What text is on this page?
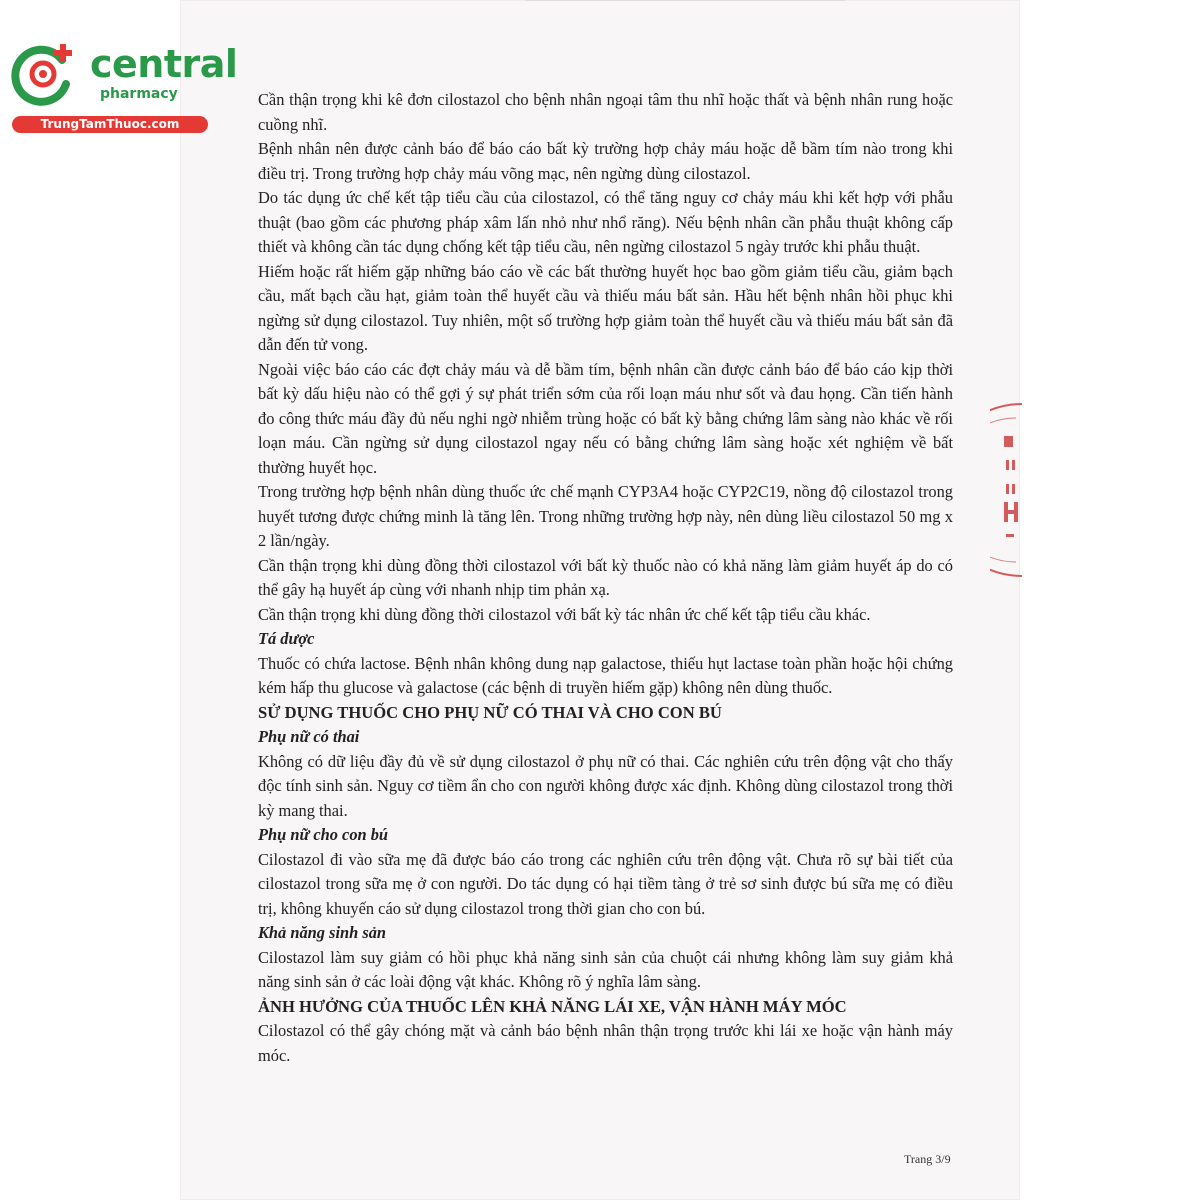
central
pharmacy
TrungTamThuoc.com

Cần thận trọng khi kê đơn cilostazol cho bệnh nhân ngoại tâm thu nhĩ hoặc thất và bệnh nhân rung hoặc cuồng nhĩ.

Bệnh nhân nên được cảnh báo để báo cáo bất kỳ trường hợp chảy máu hoặc dễ bầm tím nào trong khi điều trị. Trong trường hợp chảy máu võng mạc, nên ngừng dùng cilostazol.

Do tác dụng ức chế kết tập tiểu cầu của cilostazol, có thể tăng nguy cơ chảy máu khi kết hợp với phẫu thuật (bao gồm các phương pháp xâm lấn nhỏ như nhổ răng). Nếu bệnh nhân cần phẫu thuật không cấp thiết và không cần tác dụng chống kết tập tiểu cầu, nên ngừng cilostazol 5 ngày trước khi phẫu thuật.

Hiếm hoặc rất hiếm gặp những báo cáo về các bất thường huyết học bao gồm giảm tiểu cầu, giảm bạch cầu, mất bạch cầu hạt, giảm toàn thể huyết cầu và thiếu máu bất sản. Hầu hết bệnh nhân hồi phục khi ngừng sử dụng cilostazol. Tuy nhiên, một số trường hợp giảm toàn thể huyết cầu và thiếu máu bất sản đã dẫn đến tử vong.

Ngoài việc báo cáo các đợt chảy máu và dễ bầm tím, bệnh nhân cần được cảnh báo để báo cáo kịp thời bất kỳ dấu hiệu nào có thể gợi ý sự phát triển sớm của rối loạn máu như sốt và đau họng. Cần tiến hành đo công thức máu đầy đủ nếu nghi ngờ nhiễm trùng hoặc có bất kỳ bằng chứng lâm sàng nào khác về rối loạn máu. Cần ngừng sử dụng cilostazol ngay nếu có bằng chứng lâm sàng hoặc xét nghiệm về bất thường huyết học.

Trong trường hợp bệnh nhân dùng thuốc ức chế mạnh CYP3A4 hoặc CYP2C19, nồng độ cilostazol trong huyết tương được chứng minh là tăng lên. Trong những trường hợp này, nên dùng liều cilostazol 50 mg x 2 lần/ngày.

Cần thận trọng khi dùng đồng thời cilostazol với bất kỳ thuốc nào có khả năng làm giảm huyết áp do có thể gây hạ huyết áp cùng với nhanh nhịp tim phản xạ.

Cần thận trọng khi dùng đồng thời cilostazol với bất kỳ tác nhân ức chế kết tập tiểu cầu khác.

Tá dược

Thuốc có chứa lactose. Bệnh nhân không dung nạp galactose, thiếu hụt lactase toàn phần hoặc hội chứng kém hấp thu glucose và galactose (các bệnh di truyền hiếm gặp) không nên dùng thuốc.

SỬ DỤNG THUỐC CHO PHỤ NỮ CÓ THAI VÀ CHO CON BÚ

Phụ nữ có thai

Không có dữ liệu đầy đủ về sử dụng cilostazol ở phụ nữ có thai. Các nghiên cứu trên động vật cho thấy độc tính sinh sản. Nguy cơ tiềm ẩn cho con người không được xác định. Không dùng cilostazol trong thời kỳ mang thai.

Phụ nữ cho con bú

Cilostazol đi vào sữa mẹ đã được báo cáo trong các nghiên cứu trên động vật. Chưa rõ sự bài tiết của cilostazol trong sữa mẹ ở con người. Do tác dụng có hại tiềm tàng ở trẻ sơ sinh được bú sữa mẹ có điều trị, không khuyến cáo sử dụng cilostazol trong thời gian cho con bú.

Khả năng sinh sản

Cilostazol làm suy giảm có hồi phục khả năng sinh sản của chuột cái nhưng không làm suy giảm khả năng sinh sản ở các loài động vật khác. Không rõ ý nghĩa lâm sàng.

ẢNH HƯỞNG CỦA THUỐC LÊN KHẢ NĂNG LÁI XE, VẬN HÀNH MÁY MÓC

Cilostazol có thể gây chóng mặt và cảnh báo bệnh nhân thận trọng trước khi lái xe hoặc vận hành máy móc.

Trang 3/9
